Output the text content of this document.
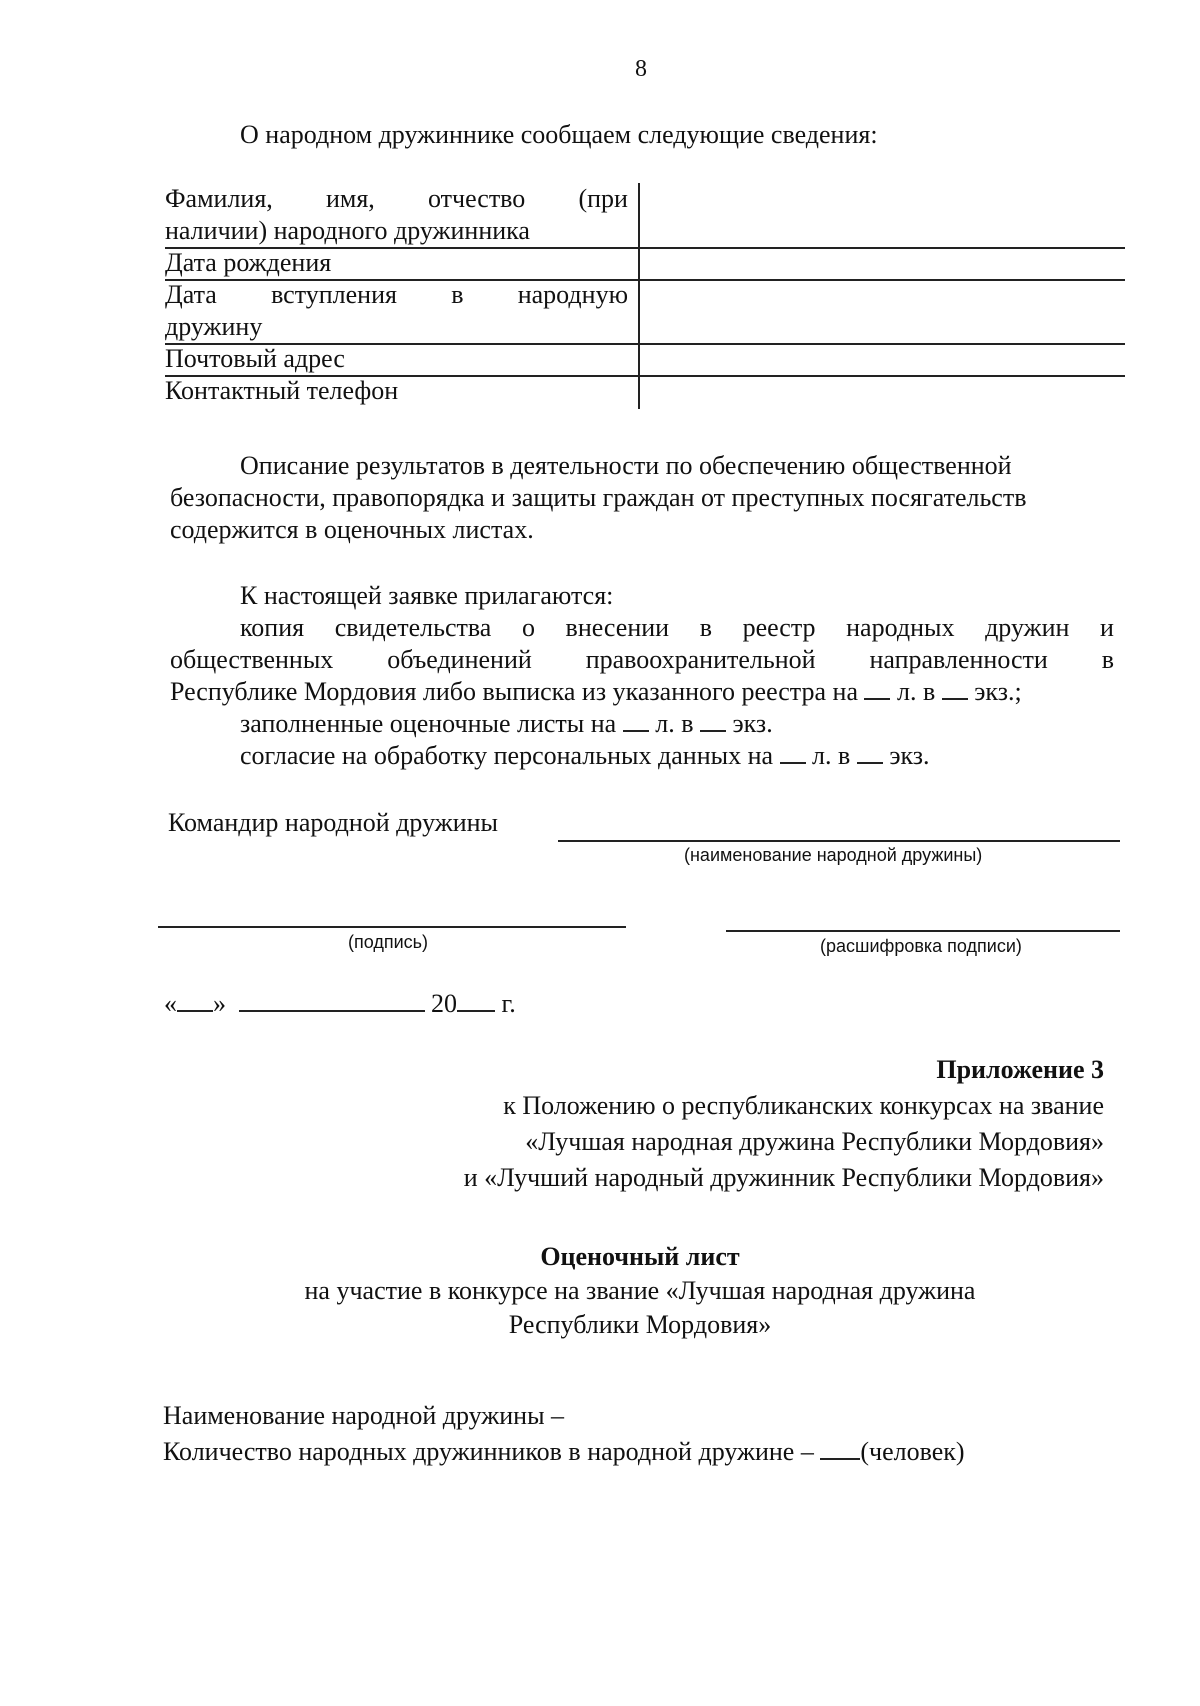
8
О народном дружиннике сообщаем следующие сведения:
Фамилия, имя, отчество (при
наличии) народного дружинника
Дата рождения
Дата вступления в народную
дружину
Почтовый адрес
Контактный телефон
Описание результатов в деятельности по обеспечению общественной
безопасности, правопорядка и защиты граждан от преступных посягательств
содержится в оценочных листах.
К настоящей заявке прилагаются:
копия свидетельства о внесении в реестр народных дружин и
общественных объединений правоохранительной направленности в
Республике Мордовия либо выписка из указанного реестра на л. в экз.;
заполненные оценочные листы на л. в экз.
согласие на обработку персональных данных на л. в экз.
Командир народной дружины
(наименование народной дружины)
(подпись)	(расшифровка подписи)
« »	20 г.
Приложение 3
к Положению о республиканских конкурсах на звание
«Лучшая народная дружина Республики Мордовия»
и «Лучший народный дружинник Республики Мордовия»
Оценочный лист
на участие в конкурсе на звание «Лучшая народная дружина
Республики Мордовия»
Наименование народной дружины –
Количество народных дружинников в народной дружине – (человек)
